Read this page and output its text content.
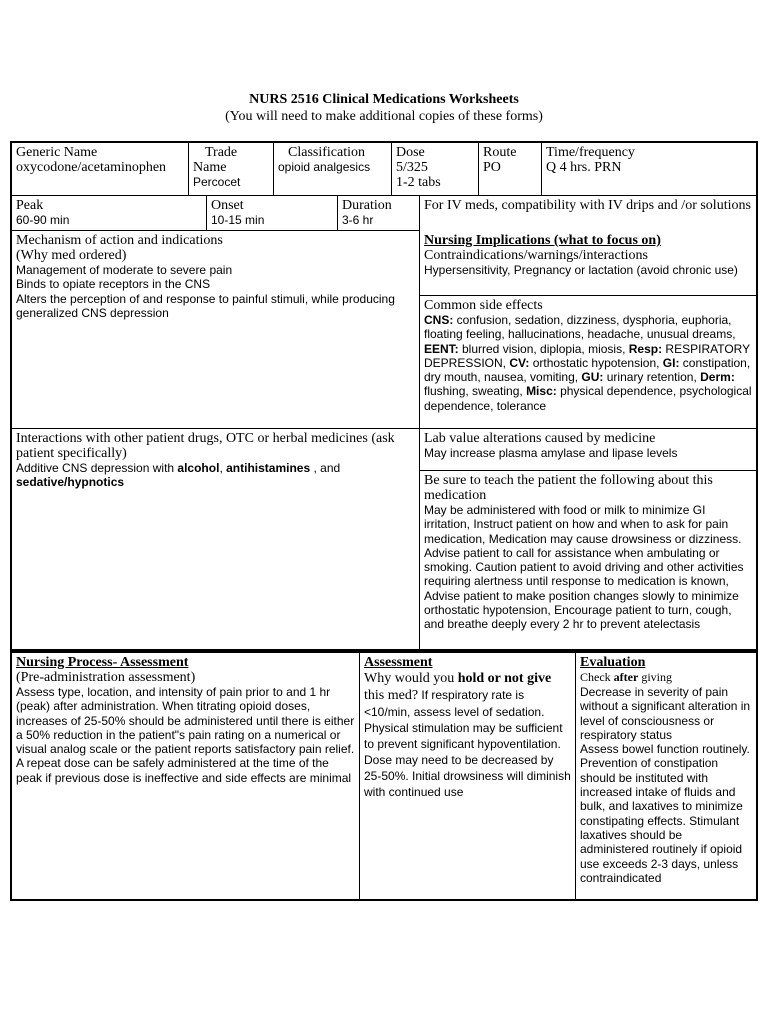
NURS 2516 Clinical Medications Worksheets
(You will need to make additional copies of these forms)
Generic Name
oxycodone/acetaminophen
Trade
Name
Percocet
Classification
opioid analgesics
Dose
5/325
1-2 tabs
Route
PO
Time/frequency
Q 4 hrs. PRN
Peak
60-90 min
Onset
10-15 min
Duration
3-6 hr
For IV meds, compatibility with IV drips and /or solutions
Mechanism of action and indications
(Why med ordered)
Management of moderate to severe pain
Binds to opiate receptors in the CNS
Alters the perception of and response to painful stimuli, while producing generalized CNS depression
Nursing Implications (what to focus on)
Contraindications/warnings/interactions
Hypersensitivity, Pregnancy or lactation (avoid chronic use)
Common side effects
CNS: confusion, sedation, dizziness, dysphoria, euphoria, floating feeling, hallucinations, headache, unusual dreams, EENT: blurred vision, diplopia, miosis, Resp: RESPIRATORY DEPRESSION, CV: orthostatic hypotension, GI: constipation, dry mouth, nausea, vomiting, GU: urinary retention, Derm: flushing, sweating, Misc: physical dependence, psychological dependence, tolerance
Interactions with other patient drugs, OTC or herbal medicines (ask patient specifically)
Additive CNS depression with alcohol, antihistamines , and sedative/hypnotics
Lab value alterations caused by medicine
May increase plasma amylase and lipase levels
Be sure to teach the patient the following about this medication
May be administered with food or milk to minimize GI irritation, Instruct patient on how and when to ask for pain medication, Medication may cause drowsiness or dizziness. Advise patient to call for assistance when ambulating or smoking. Caution patient to avoid driving and other activities requiring alertness until response to medication is known, Advise patient to make position changes slowly to minimize orthostatic hypotension, Encourage patient to turn, cough, and breathe deeply every 2 hr to prevent atelectasis
Nursing Process- Assessment
(Pre-administration assessment)
Assess type, location, and intensity of pain prior to and 1 hr (peak) after administration. When titrating opioid doses, increases of 25-50% should be administered until there is either a 50% reduction in the patient"s pain rating on a numerical or visual analog scale or the patient reports satisfactory pain relief. A repeat dose can be safely administered at the time of the peak if previous dose is ineffective and side effects are minimal
Assessment
Why would you hold or not give this med? If respiratory rate is <10/min, assess level of sedation. Physical stimulation may be sufficient to prevent significant hypoventilation. Dose may need to be decreased by 25-50%. Initial drowsiness will diminish with continued use
Evaluation
Check after giving
Decrease in severity of pain without a significant alteration in level of consciousness or respiratory status
Assess bowel function routinely. Prevention of constipation should be instituted with increased intake of fluids and bulk, and laxatives to minimize constipating effects. Stimulant laxatives should be administered routinely if opioid use exceeds 2-3 days, unless contraindicated
